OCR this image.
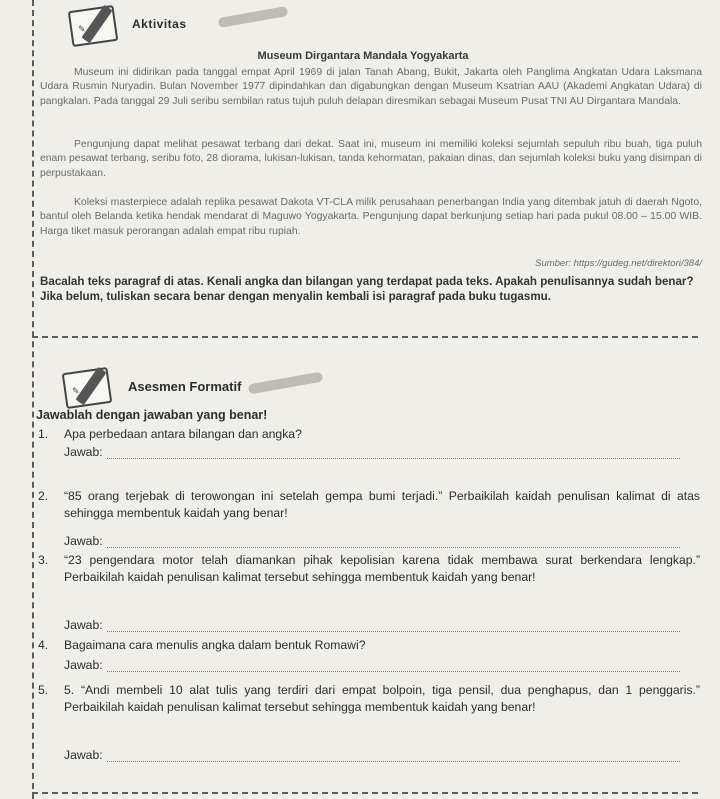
✎	Aktivitas
Museum Dirgantara Mandala Yogyakarta
Museum ini didirikan pada tanggal empat April 1969 di jalan Tanah Abang, Bukit, Jakarta oleh Panglima Angkatan Udara Laksmana Udara Rusmin Nuryadin. Bulan November 1977 dipindahkan dan digabungkan dengan Museum Ksatrian AAU (Akademi Angkatan Udara) di pangkalan. Pada tanggal 29 Juli seribu sembilan ratus tujuh puluh delapan diresmikan sebagai Museum Pusat TNI AU Dirgantara Mandala.
Pengunjung dapat melihat pesawat terbang dari dekat. Saat ini, museum ini memiliki koleksi sejumlah sepuluh ribu buah, tiga puluh enam pesawat terbang, seribu foto, 28 diorama, lukisan-lukisan, tanda kehormatan, pakaian dinas, dan sejumlah koleksi buku yang disimpan di perpustakaan.
Koleksi masterpiece adalah replika pesawat Dakota VT-CLA milik perusahaan penerbangan India yang ditembak jatuh di daerah Ngoto, bantul oleh Belanda ketika hendak mendarat di Maguwo Yogyakarta. Pengunjung dapat berkunjung setiap hari pada pukul 08.00 – 15.00 WIB. Harga tiket masuk perorangan adalah empat ribu rupiah.
Sumber: https://gudeg.net/direktori/384/
Bacalah teks paragraf di atas. Kenali angka dan bilangan yang terdapat pada teks. Apakah penulisannya sudah benar? Jika belum, tuliskan secara benar dengan menyalin kembali isi paragraf pada buku tugasmu.
✎	Asesmen Formatif
Jawablah dengan jawaban yang benar!
1. Apa perbedaan antara bilangan dan angka?
Jawab:
2. “85 orang terjebak di terowongan ini setelah gempa bumi terjadi.” Perbaikilah kaidah penulisan kalimat di atas sehingga membentuk kaidah yang benar!
Jawab:
3. “23 pengendara motor telah diamankan pihak kepolisian karena tidak membawa surat berkendara lengkap.” Perbaikilah kaidah penulisan kalimat tersebut sehingga membentuk kaidah yang benar!
Jawab:
4. Bagaimana cara menulis angka dalam bentuk Romawi?
Jawab:
5. 5. “Andi membeli 10 alat tulis yang terdiri dari empat bolpoin, tiga pensil, dua penghapus, dan 1 penggaris.” Perbaikilah kaidah penulisan kalimat tersebut sehingga membentuk kaidah yang benar!
Jawab:
